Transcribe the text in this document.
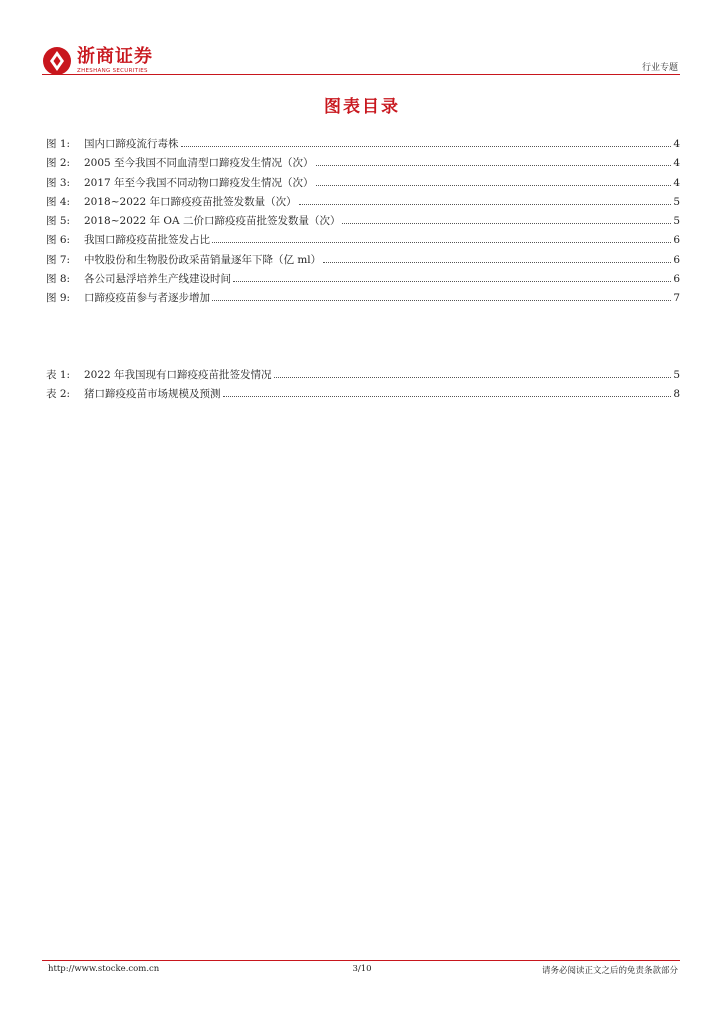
浙商证券
ZHESHANG SECURITIES	行业专题
图表目录
图 1:	国内口蹄疫流行毒株	4
图 2:	2005 至今我国不同血清型口蹄疫发生情况（次）	4
图 3:	2017 年至今我国不同动物口蹄疫发生情况（次）	4
图 4:	2018~2022 年口蹄疫疫苗批签发数量（次）	5
图 5:	2018~2022 年 OA 二价口蹄疫疫苗批签发数量（次）	5
图 6:	我国口蹄疫疫苗批签发占比	6
图 7:	中牧股份和生物股份政采苗销量逐年下降（亿 ml）	6
图 8:	各公司悬浮培养生产线建设时间	6
图 9:	口蹄疫疫苗参与者逐步增加	7
表 1:	2022 年我国现有口蹄疫疫苗批签发情况	5
表 2:	猪口蹄疫疫苗市场规模及预测	8
http://www.stocke.com.cn	3/10	请务必阅读正文之后的免责条款部分
